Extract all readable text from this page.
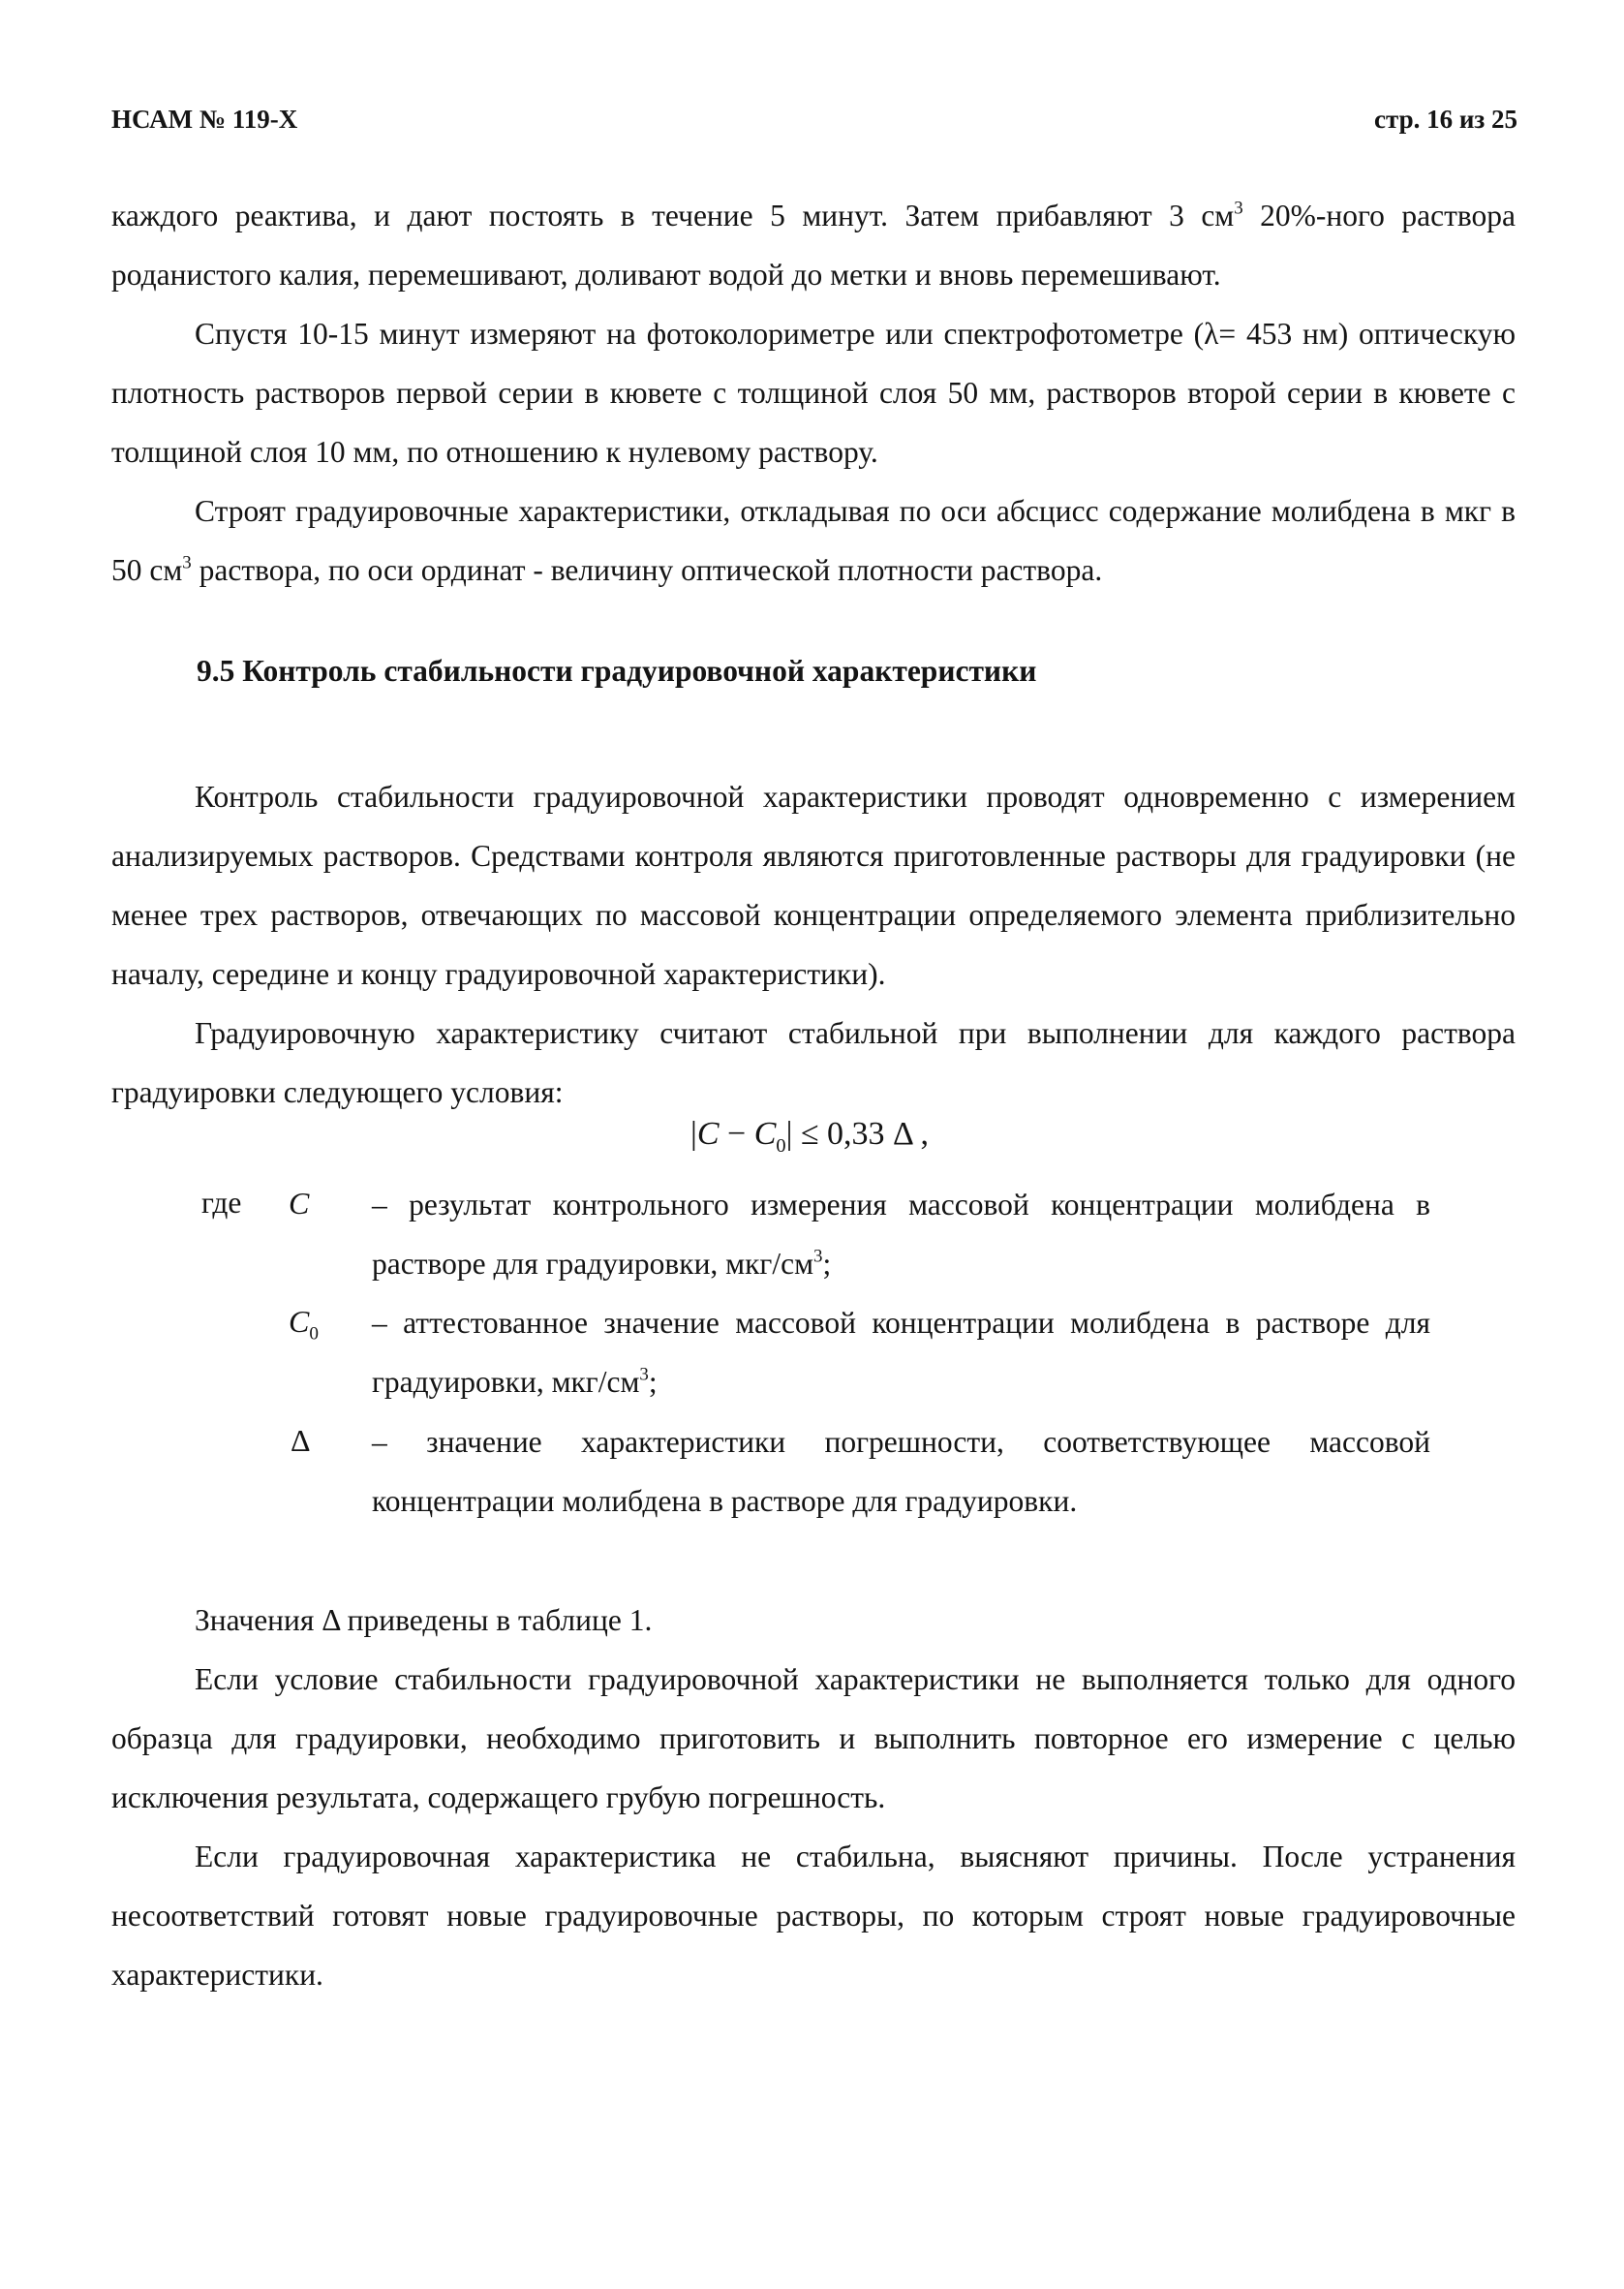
НСАМ № 119-Х	стр. 16 из 25

каждого реактива, и дают постоять в течение 5 минут. Затем прибавляют 3 $см^3$ 20%-ного раствора роданистого калия, перемешивают, доливают водой до метки и вновь перемешивают.

Спустя 10-15 минут измеряют на фотоколориметре или спектрофотометре (λ= 453 нм) оптическую плотность растворов первой серии в кювете с толщиной слоя 50 мм, растворов второй серии в кювете с толщиной слоя 10 мм, по отношению к нулевому раствору.

Строят градуировочные характеристики, откладывая по оси абсцисс содержание молибдена в мкг в 50 $см^3$ раствора, по оси ординат - величину оптической плотности раствора.

9.5 Контроль стабильности градуировочной характеристики

Контроль стабильности градуировочной характеристики проводят одновременно с измерением анализируемых растворов. Средствами контроля являются приготовленные растворы для градуировки (не менее трех растворов, отвечающих по массовой концентрации определяемого элемента приблизительно началу, середине и концу градуировочной характеристики).

Градуировочную характеристику считают стабильной при выполнении для каждого раствора градуировки следующего условия:

$|C - C_0| \le 0,33$ Δ ,
где C – результат контрольного измерения массовой концентрации молибдена в растворе для градуировки, мкг/$см^3$;
$C_0$ – аттестованное значение массовой концентрации молибдена в растворе для градуировки, мкг/$см^3$;
Δ – значение характеристики погрешности, соответствующее массовой концентрации молибдена в растворе для градуировки.

Значения Δ приведены в таблице 1.

Если условие стабильности градуировочной характеристики не выполняется только для одного образца для градуировки, необходимо приготовить и выполнить повторное его измерение с целью исключения результата, содержащего грубую погрешность.

Если градуировочная характеристика не стабильна, выясняют причины. После устранения несоответствий готовят новые градуировочные растворы, по которым строят новые градуировочные характеристики.
